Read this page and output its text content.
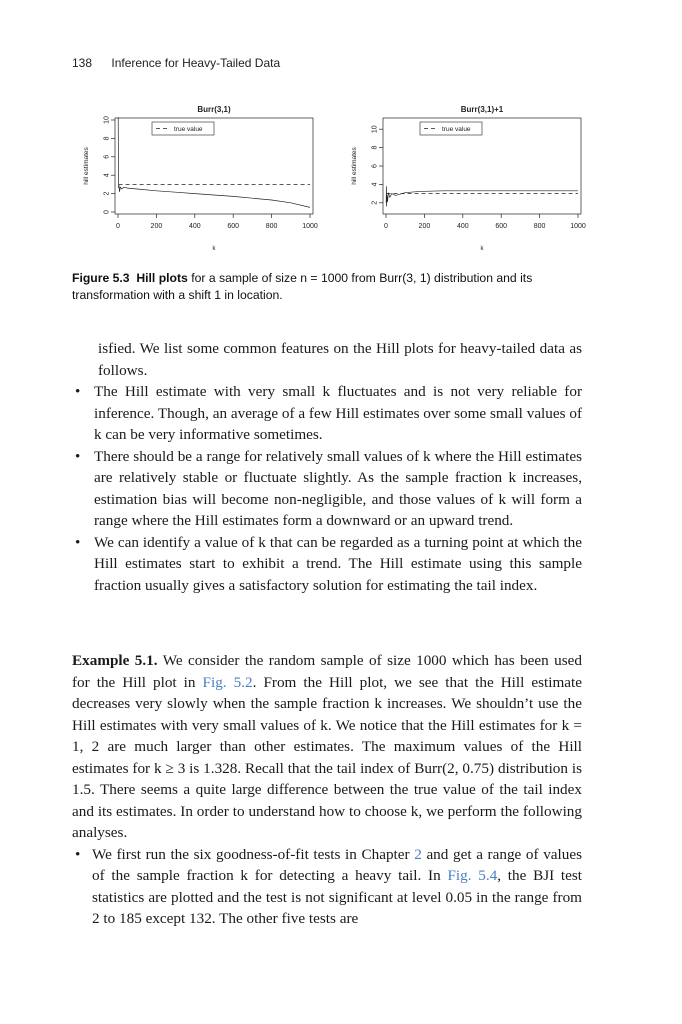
138 Inference for Heavy-Tailed Data
Burr(3,1)
0	200	400	600	800	1000
0
2
4
6
8
10
k
hill estimates
true value
Burr(3,1)+1
0	200	400	600	800	1000
2
4
6
8
10
k
hill estimates
true value
Figure 5.3 Hill plots for a sample of size n = 1000 from Burr(3, 1) distribution and its transformation with a shift 1 in location.
isfied. We list some common features on the Hill plots for heavy-tailed data as follows.
• The Hill estimate with very small k fluctuates and is not very reliable for inference. Though, an average of a few Hill estimates over some small values of k can be very informative sometimes.
• There should be a range for relatively small values of k where the Hill estimates are relatively stable or fluctuate slightly. As the sample fraction k increases, estimation bias will become non-negligible, and those values of k will form a range where the Hill estimates form a downward or an upward trend.
• We can identify a value of k that can be regarded as a turning point at which the Hill estimates start to exhibit a trend. The Hill estimate using this sample fraction usually gives a satisfactory solution for estimating the tail index.
Example 5.1. We consider the random sample of size 1000 which has been used for the Hill plot in Fig. 5.2. From the Hill plot, we see that the Hill estimate decreases very slowly when the sample fraction k increases. We shouldn’t use the Hill estimates with very small values of k. We notice that the Hill estimates for k = 1, 2 are much larger than other estimates. The maximum values of the Hill estimates for k ≥ 3 is 1.328. Recall that the tail index of Burr(2, 0.75) distribution is 1.5. There seems a quite large difference between the true value of the tail index and its estimates. In order to understand how to choose k, we perform the following analyses.
• We first run the six goodness-of-fit tests in Chapter 2 and get a range of values of the sample fraction k for detecting a heavy tail. In Fig. 5.4, the BJI test statistics are plotted and the test is not significant at level 0.05 in the range from 2 to 185 except 132. The other five tests are
